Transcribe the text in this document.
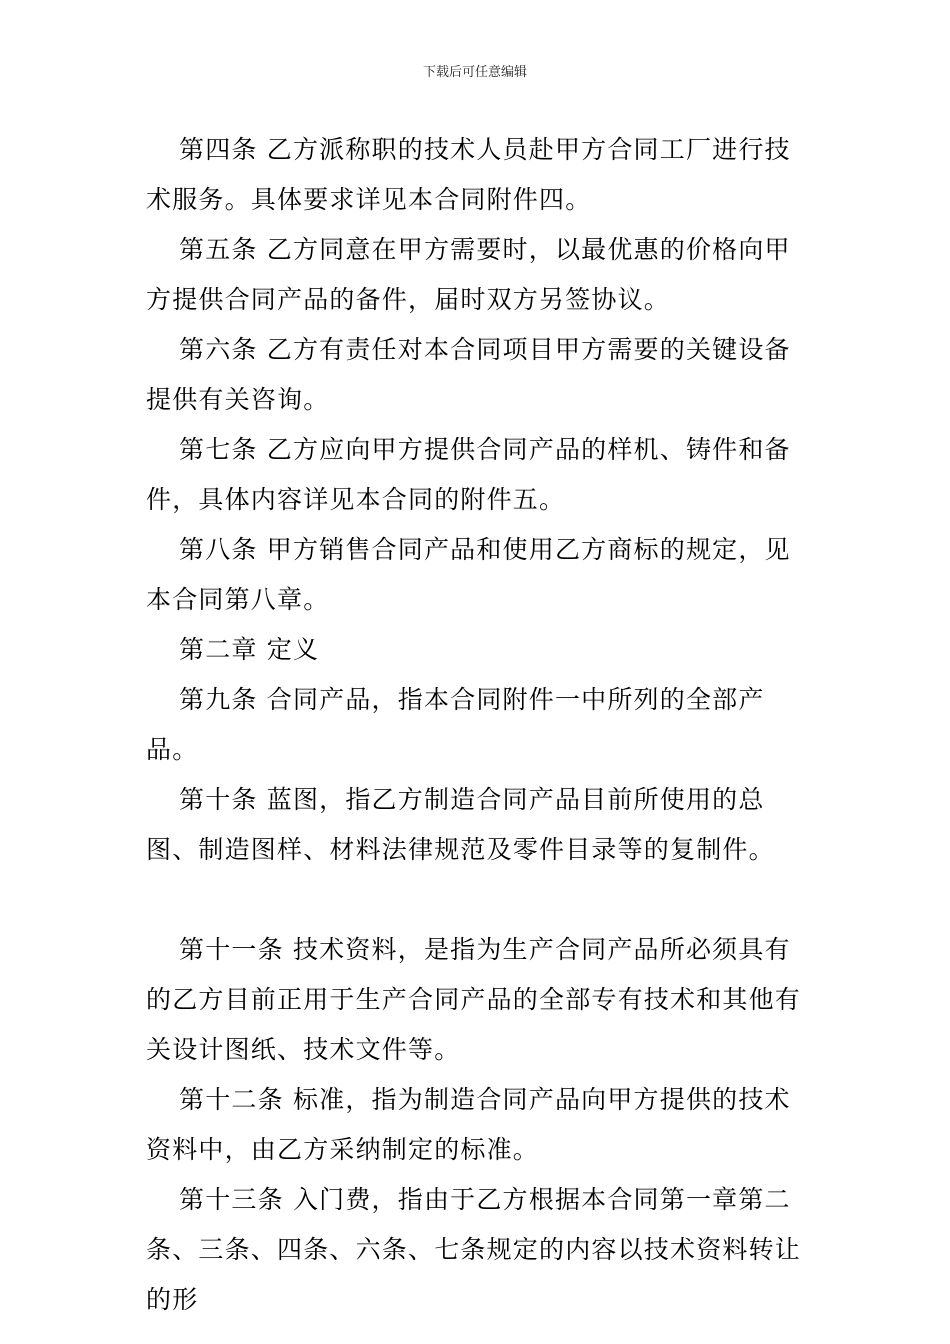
下载后可任意编辑

第四条 乙方派称职的技术人员赴甲方合同工厂进行技术服务。具体要求详见本合同附件四。

第五条 乙方同意在甲方需要时，以最优惠的价格向甲方提供合同产品的备件，届时双方另签协议。

第六条 乙方有责任对本合同项目甲方需要的关键设备提供有关咨询。

第七条 乙方应向甲方提供合同产品的样机、铸件和备件，具体内容详见本合同的附件五。

第八条 甲方销售合同产品和使用乙方商标的规定，见本合同第八章。

第二章 定义

第九条 合同产品，指本合同附件一中所列的全部产品。

第十条 蓝图，指乙方制造合同产品目前所使用的总图、制造图样、材料法律规范及零件目录等的复制件。

第十一条 技术资料，是指为生产合同产品所必须具有的乙方目前正用于生产合同产品的全部专有技术和其他有关设计图纸、技术文件等。

第十二条 标准，指为制造合同产品向甲方提供的技术资料中，由乙方采纳制定的标准。

第十三条 入门费，指由于乙方根据本合同第一章第二条、三条、四条、六条、七条规定的内容以技术资料转让的形
